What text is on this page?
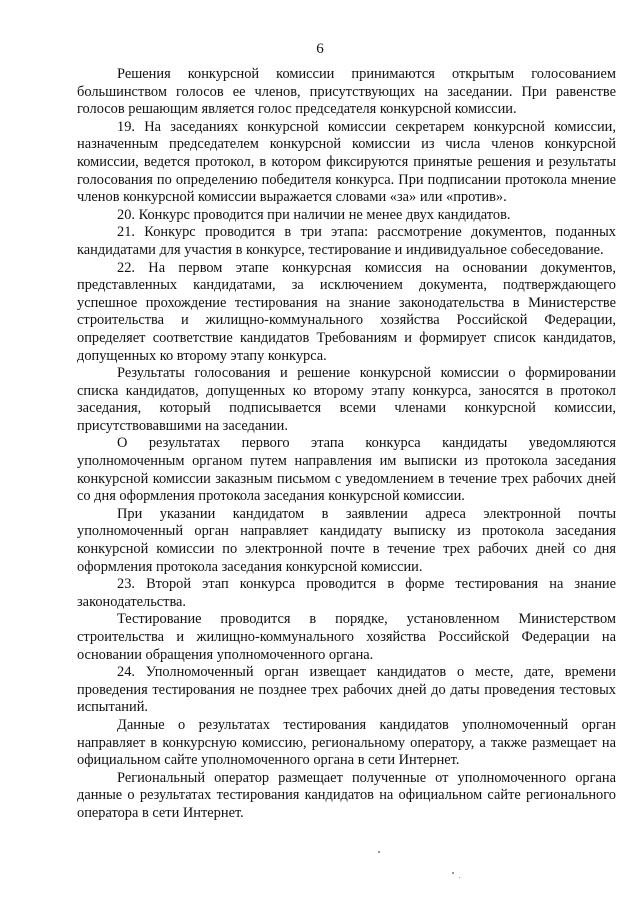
6

Решения конкурсной комиссии принимаются открытым голосованием большинством голосов ее членов, присутствующих на заседании. При равенстве голосов решающим является голос председателя конкурсной комиссии.

19. На заседаниях конкурсной комиссии секретарем конкурсной комиссии, назначенным председателем конкурсной комиссии из числа членов конкурсной комиссии, ведется протокол, в котором фиксируются принятые решения и результаты голосования по определению победителя конкурса. При подписании протокола мнение членов конкурсной комиссии выражается словами «за» или «против».

20. Конкурс проводится при наличии не менее двух кандидатов.

21. Конкурс проводится в три этапа: рассмотрение документов, поданных кандидатами для участия в конкурсе, тестирование и индивидуальное собеседование.

22. На первом этапе конкурсная комиссия на основании документов, представленных кандидатами, за исключением документа, подтверждающего успешное прохождение тестирования на знание законодательства в Министерстве строительства и жилищно-коммунального хозяйства Российской Федерации, определяет соответствие кандидатов Требованиям и формирует список кандидатов, допущенных ко второму этапу конкурса.

Результаты голосования и решение конкурсной комиссии о формировании списка кандидатов, допущенных ко второму этапу конкурса, заносятся в протокол заседания, который подписывается всеми членами конкурсной комиссии, присутствовавшими на заседании.

О результатах первого этапа конкурса кандидаты уведомляются уполномоченным органом путем направления им выписки из протокола заседания конкурсной комиссии заказным письмом с уведомлением в течение трех рабочих дней со дня оформления протокола заседания конкурсной комиссии.

При указании кандидатом в заявлении адреса электронной почты уполномоченный орган направляет кандидату выписку из протокола заседания конкурсной комиссии по электронной почте в течение трех рабочих дней со дня оформления протокола заседания конкурсной комиссии.

23. Второй этап конкурса проводится в форме тестирования на знание законодательства.

Тестирование проводится в порядке, установленном Министерством строительства и жилищно-коммунального хозяйства Российской Федерации на основании обращения уполномоченного органа.

24. Уполномоченный орган извещает кандидатов о месте, дате, времени проведения тестирования не позднее трех рабочих дней до даты проведения тестовых испытаний.

Данные о результатах тестирования кандидатов уполномоченный орган направляет в конкурсную комиссию, региональному оператору, а также размещает на официальном сайте уполномоченного органа в сети Интернет.

Региональный оператор размещает полученные от уполномоченного органа данные о результатах тестирования кандидатов на официальном сайте регионального оператора в сети Интернет.
